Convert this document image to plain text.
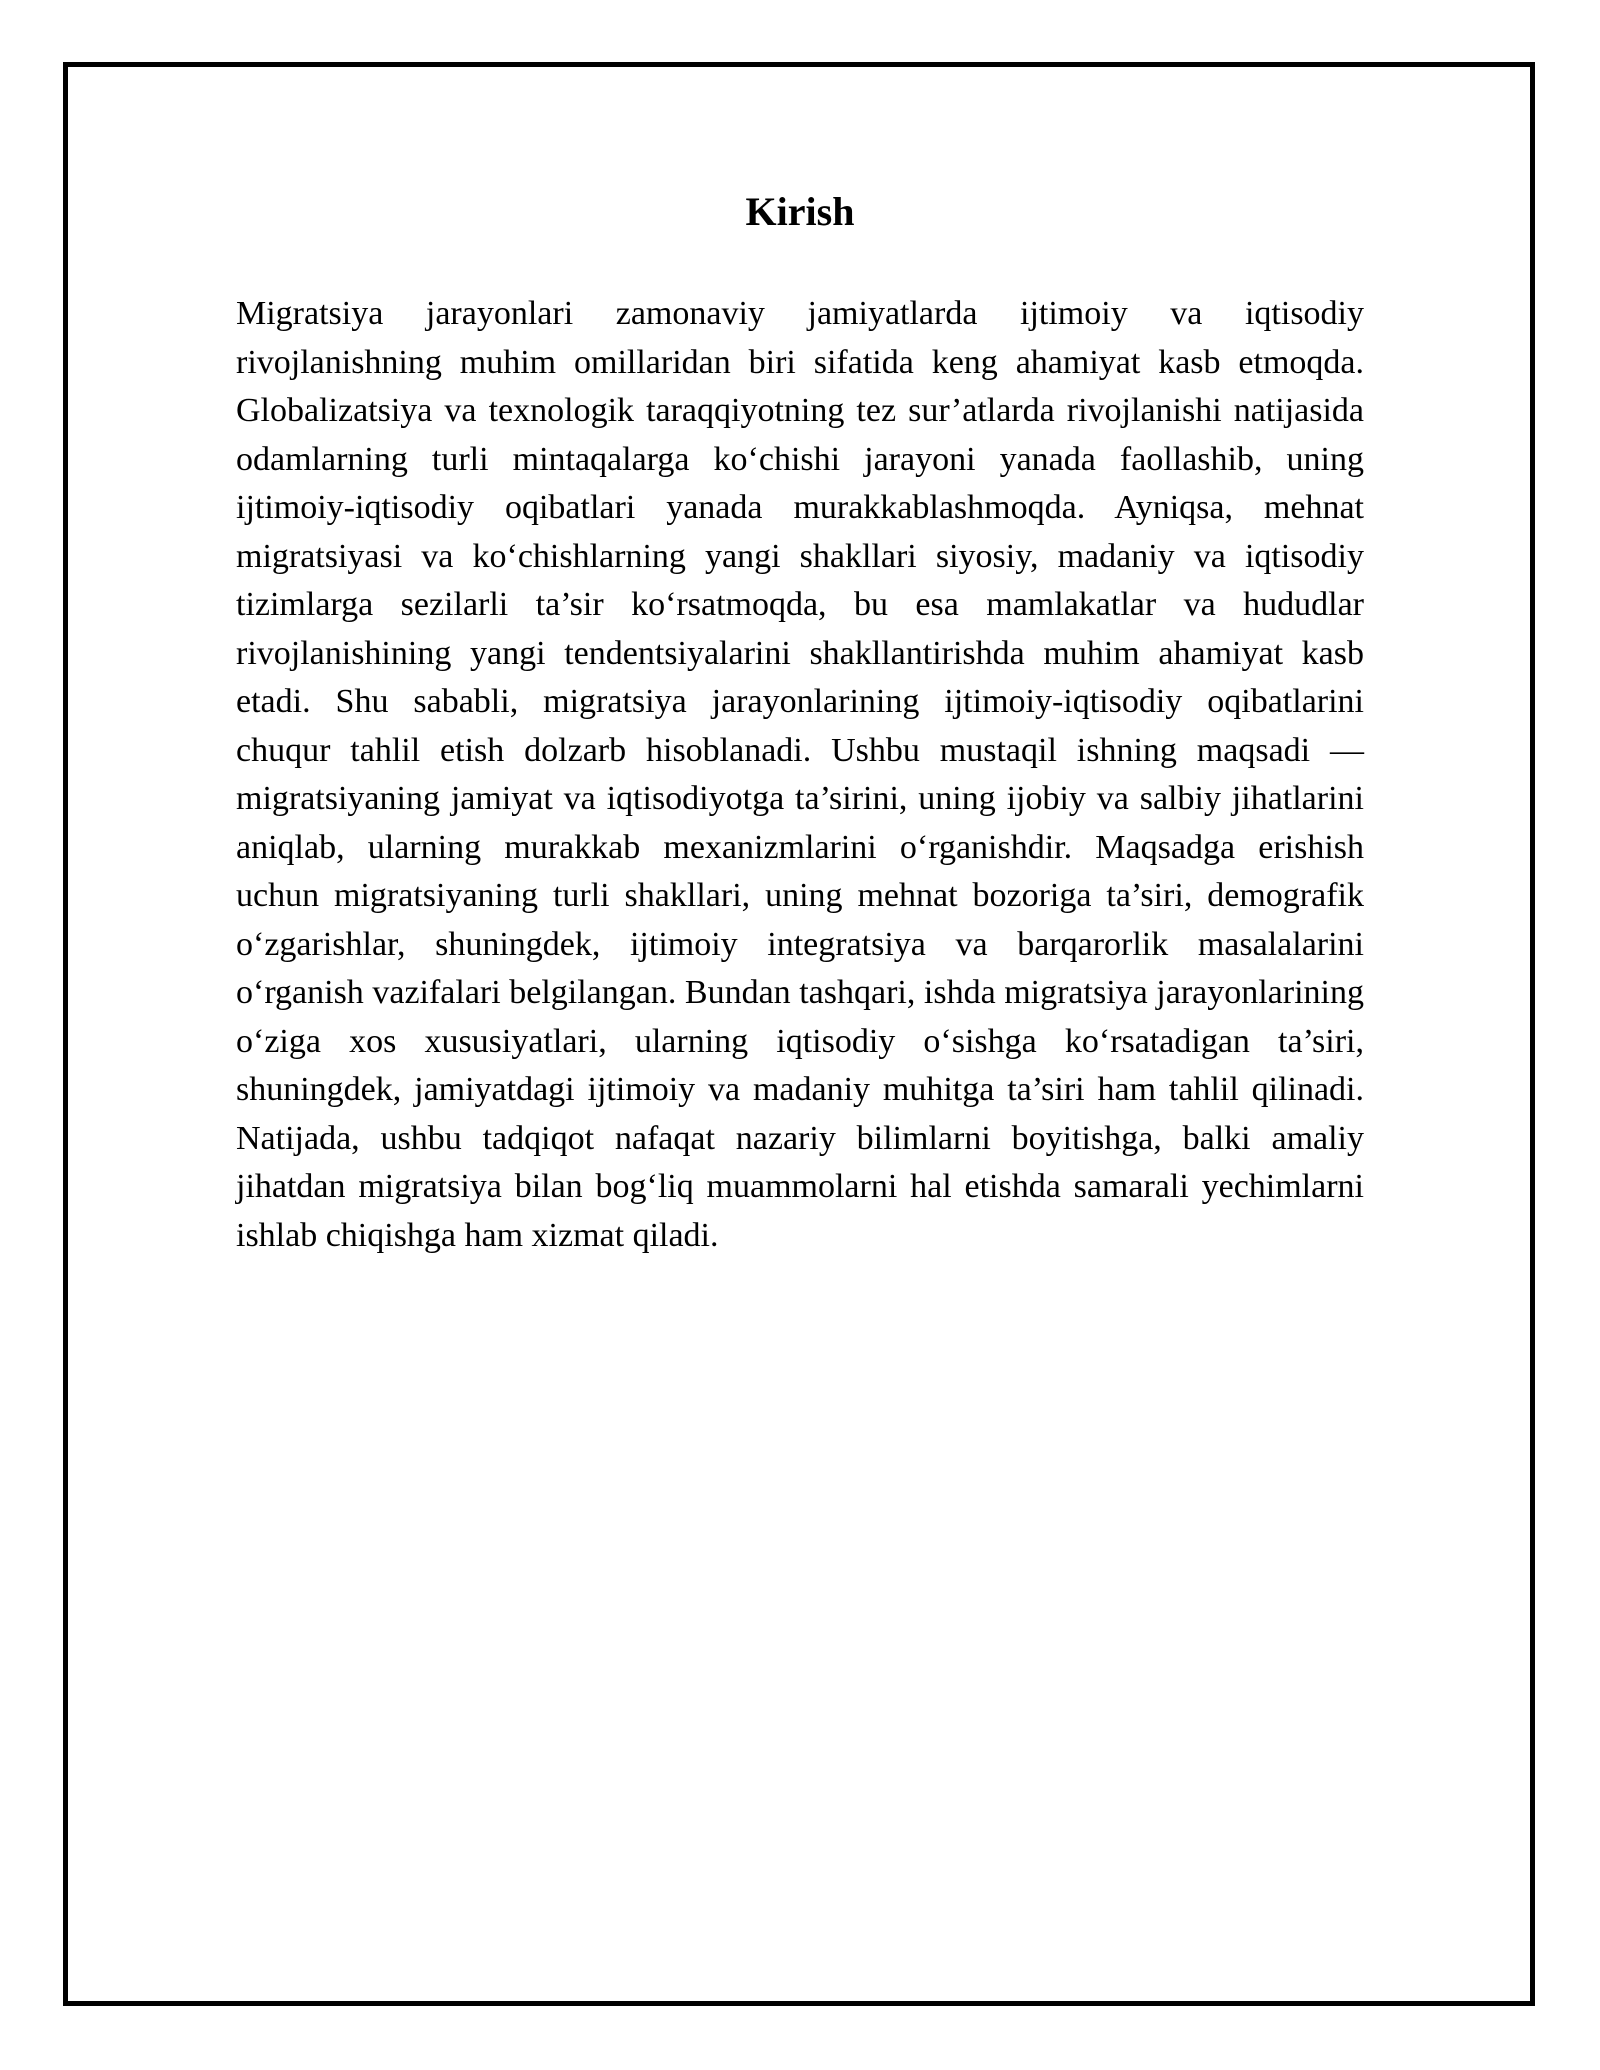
Kirish

Migratsiya jarayonlari zamonaviy jamiyatlarda ijtimoiy va iqtisodiy rivojlanishning muhim omillaridan biri sifatida keng ahamiyat kasb etmoqda. Globalizatsiya va texnologik taraqqiyotning tez sur’atlarda rivojlanishi natijasida odamlarning turli mintaqalarga ko‘chishi jarayoni yanada faollashib, uning ijtimoiy-iqtisodiy oqibatlari yanada murakkablashmoqda. Ayniqsa, mehnat migratsiyasi va ko‘chishlarning yangi shakllari siyosiy, madaniy va iqtisodiy tizimlarga sezilarli ta’sir ko‘rsatmoqda, bu esa mamlakatlar va hududlar rivojlanishining yangi tendentsiyalarini shakllantirishda muhim ahamiyat kasb etadi. Shu sababli, migratsiya jarayonlarining ijtimoiy-iqtisodiy oqibatlarini chuqur tahlil etish dolzarb hisoblanadi. Ushbu mustaqil ishning maqsadi — migratsiyaning jamiyat va iqtisodiyotga ta’sirini, uning ijobiy va salbiy jihatlarini aniqlab, ularning murakkab mexanizmlarini o‘rganishdir. Maqsadga erishish uchun migratsiyaning turli shakllari, uning mehnat bozoriga ta’siri, demografik o‘zgarishlar, shuningdek, ijtimoiy integratsiya va barqarorlik masalalarini o‘rganish vazifalari belgilangan. Bundan tashqari, ishda migratsiya jarayonlarining o‘ziga xos xususiyatlari, ularning iqtisodiy o‘sishga ko‘rsatadigan ta’siri, shuningdek, jamiyatdagi ijtimoiy va madaniy muhitga ta’siri ham tahlil qilinadi. Natijada, ushbu tadqiqot nafaqat nazariy bilimlarni boyitishga, balki amaliy jihatdan migratsiya bilan bog‘liq muammolarni hal etishda samarali yechimlarni ishlab chiqishga ham xizmat qiladi.
